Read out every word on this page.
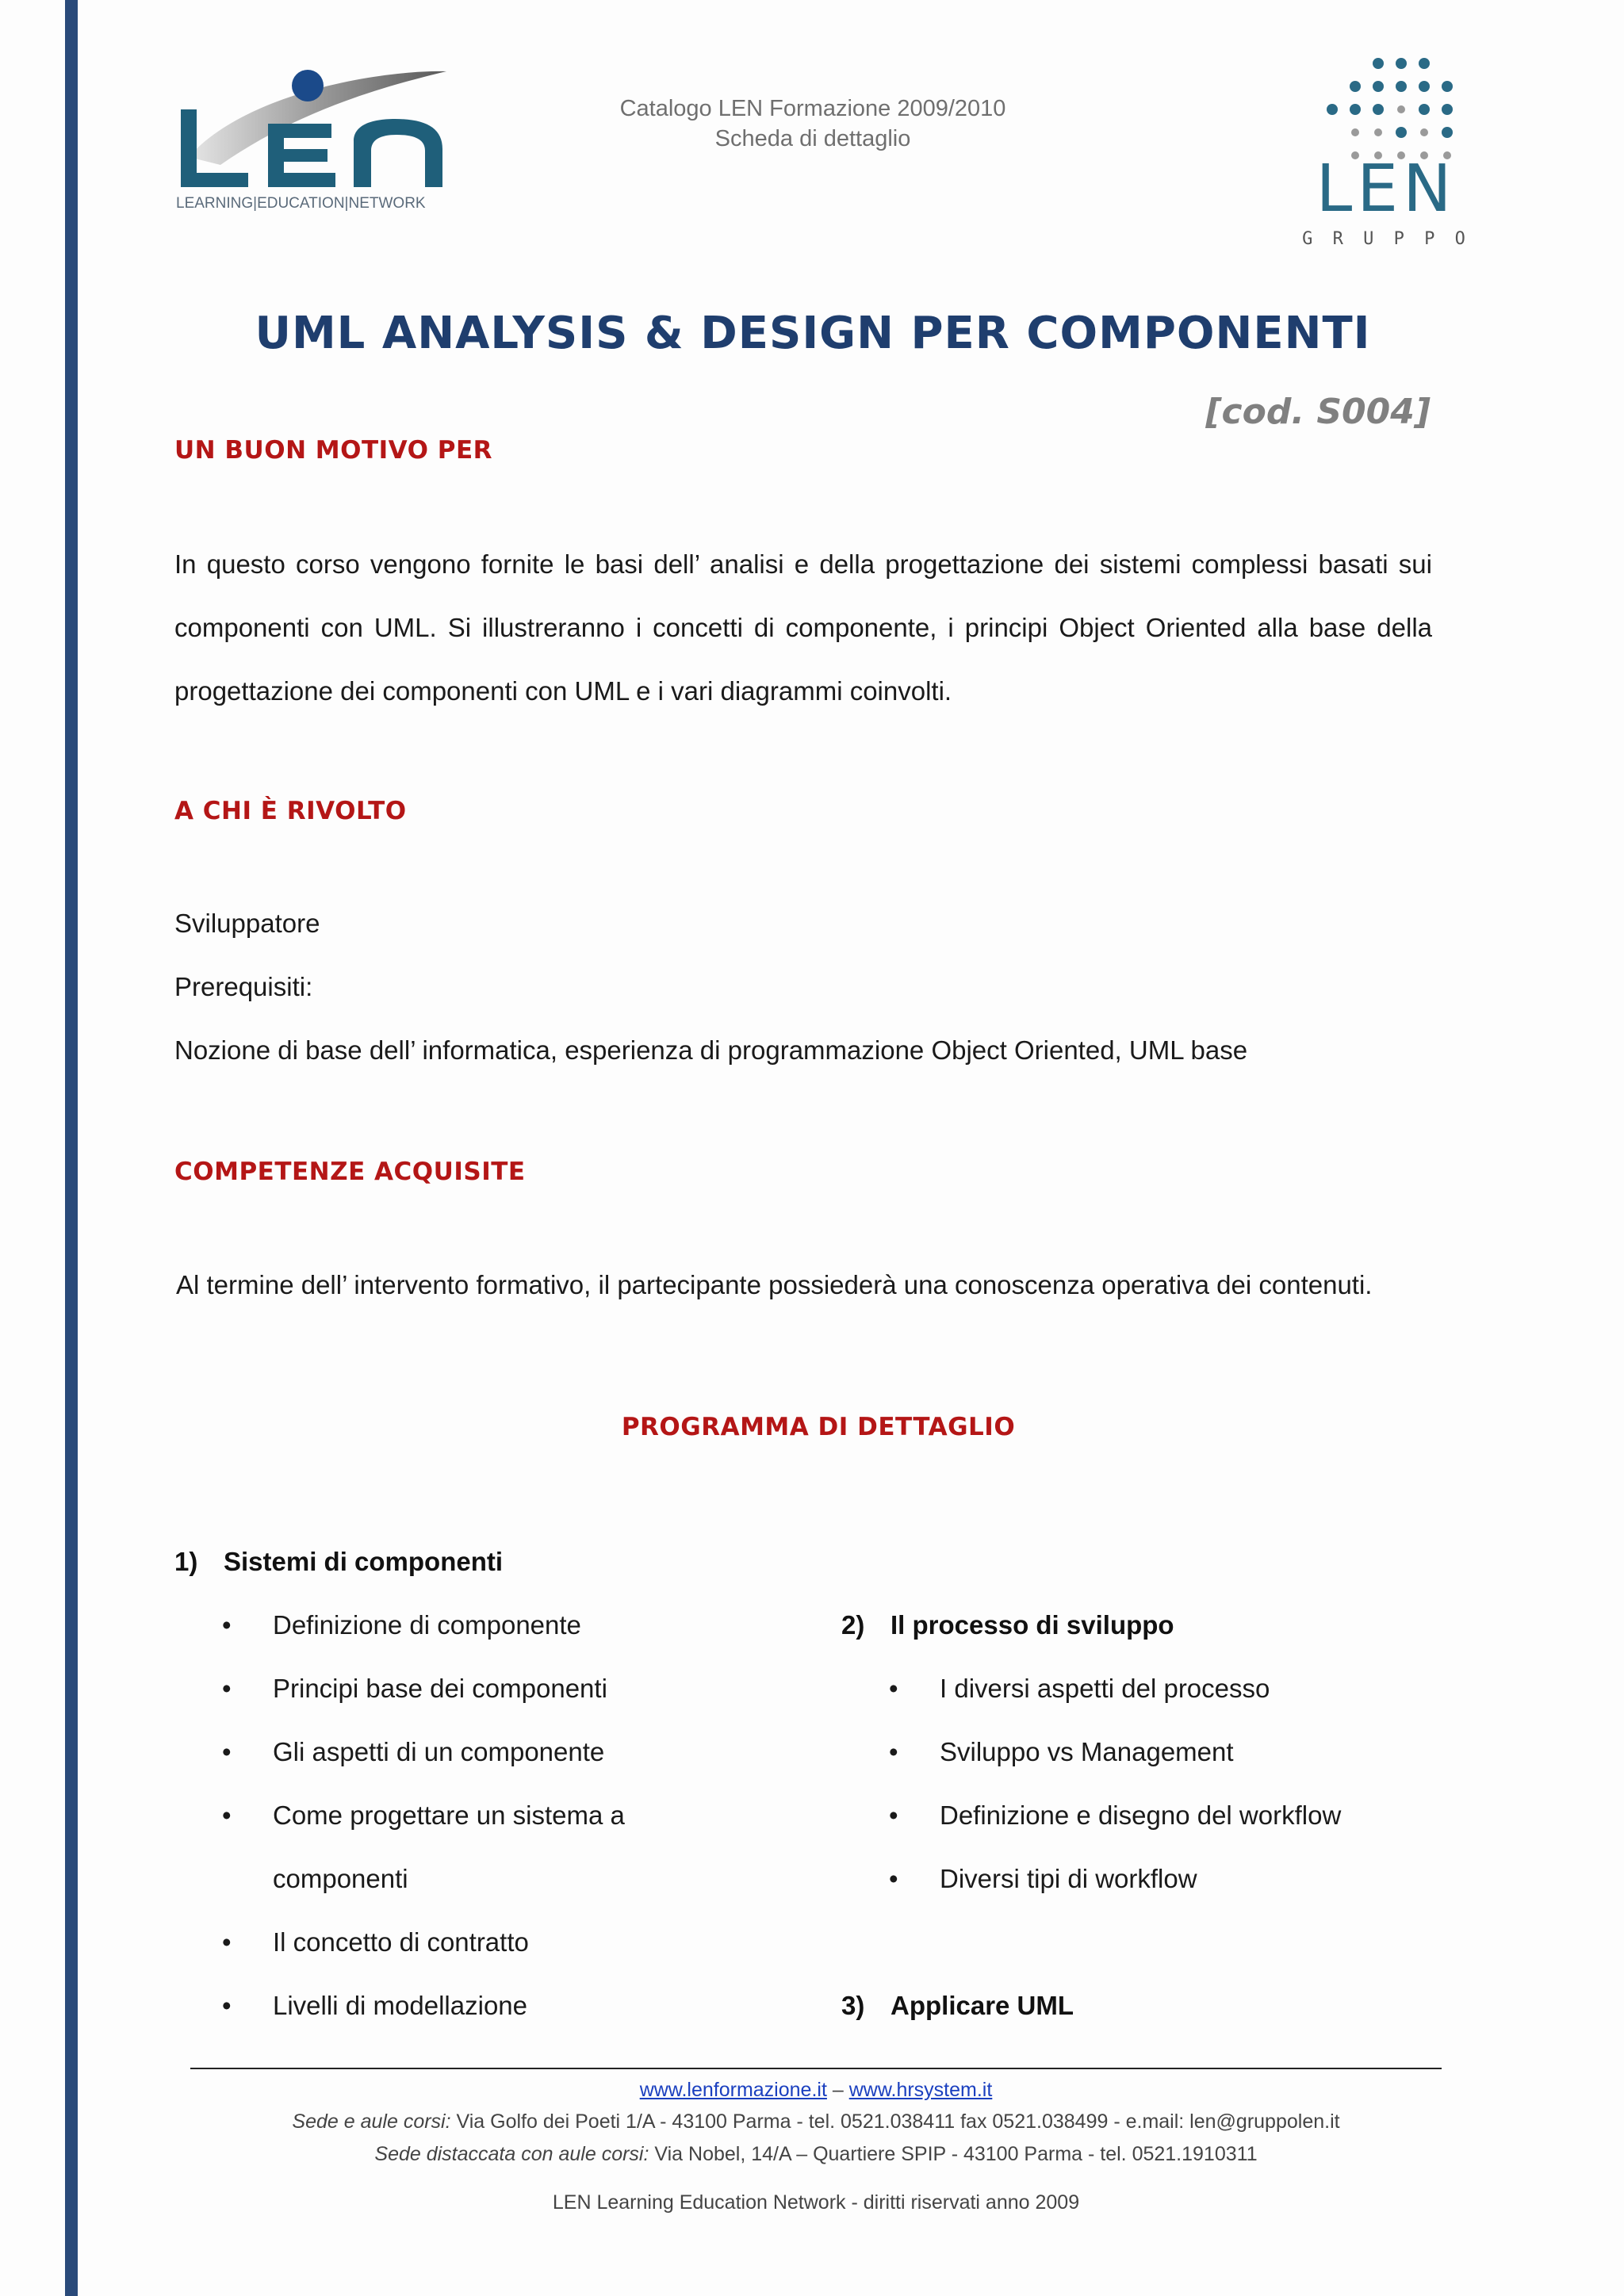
LEARNING|EDUCATION|NETWORK
Catalogo LEN Formazione 2009/2010
Scheda di dettaglio
LEN
G R U P P O
UML ANALYSIS & DESIGN PER COMPONENTI
[cod. S004]
UN BUON MOTIVO PER
In questo corso vengono fornite le basi dell’ analisi e della progettazione dei sistemi complessi basati sui componenti con UML. Si illustreranno i concetti di componente, i principi Object Oriented alla base della progettazione dei componenti con UML e i vari diagrammi coinvolti.
A CHI È RIVOLTO
Sviluppatore
Prerequisiti:
Nozione di base dell’ informatica, esperienza di programmazione Object Oriented, UML base
COMPETENZE ACQUISITE
Al termine dell’ intervento formativo, il partecipante possiederà una conoscenza operativa dei contenuti.
PROGRAMMA DI DETTAGLIO
1) Sistemi di componenti
• Definizione di componente
• Principi base dei componenti
• Gli aspetti di un componente
• Come progettare un sistema a
componenti
• Il concetto di contratto
• Livelli di modellazione
2) Il processo di sviluppo
• I diversi aspetti del processo
• Sviluppo vs Management
• Definizione e disegno del workflow
• Diversi tipi di workflow
3) Applicare UML
www.lenformazione.it – www.hrsystem.it
Sede e aule corsi: Via Golfo dei Poeti 1/A - 43100 Parma - tel. 0521.038411 fax 0521.038499 - e.mail: len@gruppolen.it
Sede distaccata con aule corsi: Via Nobel, 14/A – Quartiere SPIP - 43100 Parma - tel. 0521.1910311
LEN Learning Education Network - diritti riservati anno 2009
